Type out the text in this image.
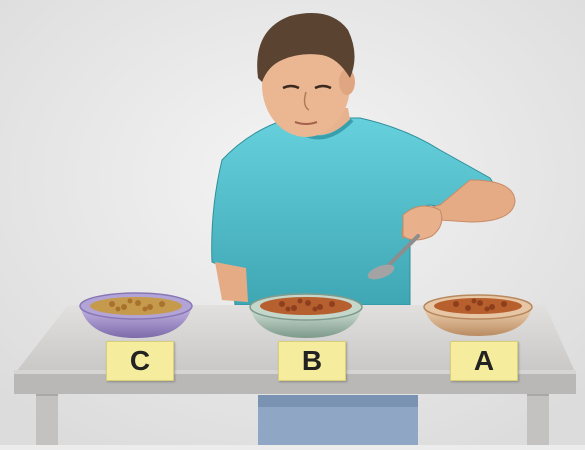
C	B	A
